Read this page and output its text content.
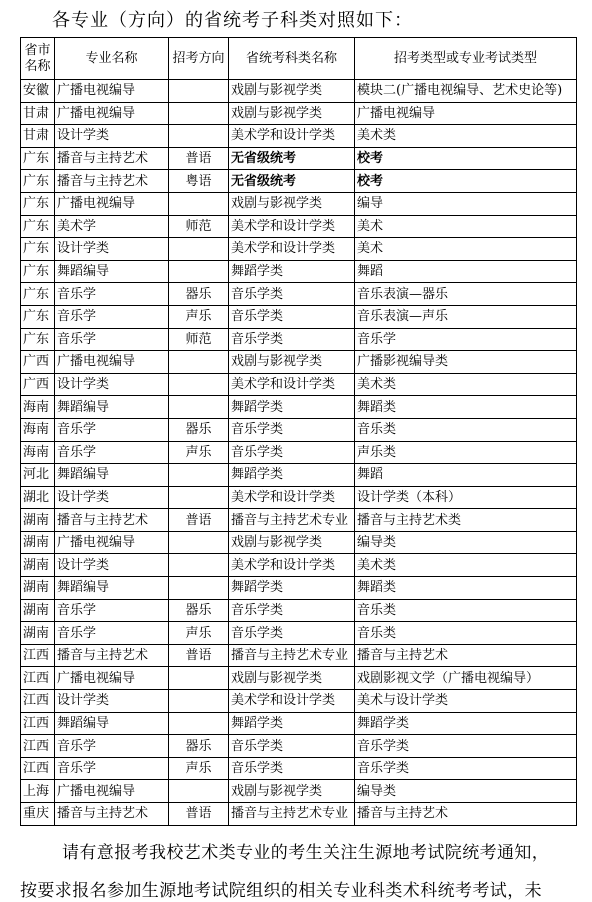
各专业（方向）的省统考子科类对照如下：
省市名称	专业名称	招考方向	省统考科类名称	招考类型或专业考试类型
安徽	广播电视编导		戏剧与影视学类	模块二(广播电视编导、艺术史论等)
甘肃	广播电视编导		戏剧与影视学类	广播电视编导
甘肃	设计学类		美术学和设计学类	美术类
广东	播音与主持艺术	普语	无省级统考	校考
广东	播音与主持艺术	粤语	无省级统考	校考
广东	广播电视编导		戏剧与影视学类	编导
广东	美术学	师范	美术学和设计学类	美术
广东	设计学类		美术学和设计学类	美术
广东	舞蹈编导		舞蹈学类	舞蹈
广东	音乐学	器乐	音乐学类	音乐表演—器乐
广东	音乐学	声乐	音乐学类	音乐表演—声乐
广东	音乐学	师范	音乐学类	音乐学
广西	广播电视编导		戏剧与影视学类	广播影视编导类
广西	设计学类		美术学和设计学类	美术类
海南	舞蹈编导		舞蹈学类	舞蹈类
海南	音乐学	器乐	音乐学类	音乐类
海南	音乐学	声乐	音乐学类	声乐类
河北	舞蹈编导		舞蹈学类	舞蹈
湖北	设计学类		美术学和设计学类	设计学类（本科）
湖南	播音与主持艺术	普语	播音与主持艺术专业	播音与主持艺术类
湖南	广播电视编导		戏剧与影视学类	编导类
湖南	设计学类		美术学和设计学类	美术类
湖南	舞蹈编导		舞蹈学类	舞蹈类
湖南	音乐学	器乐	音乐学类	音乐类
湖南	音乐学	声乐	音乐学类	音乐类
江西	播音与主持艺术	普语	播音与主持艺术专业	播音与主持艺术
江西	广播电视编导		戏剧与影视学类	戏剧影视文学（广播电视编导）
江西	设计学类		美术学和设计学类	美术与设计学类
江西	舞蹈编导		舞蹈学类	舞蹈学类
江西	音乐学	器乐	音乐学类	音乐学类
江西	音乐学	声乐	音乐学类	音乐学类
上海	广播电视编导		戏剧与影视学类	编导类
重庆	播音与主持艺术	普语	播音与主持艺术专业	播音与主持艺术
请有意报考我校艺术类专业的考生关注生源地考试院统考通知，
按要求报名参加生源地考试院组织的相关专业科类术科统考考试，未
